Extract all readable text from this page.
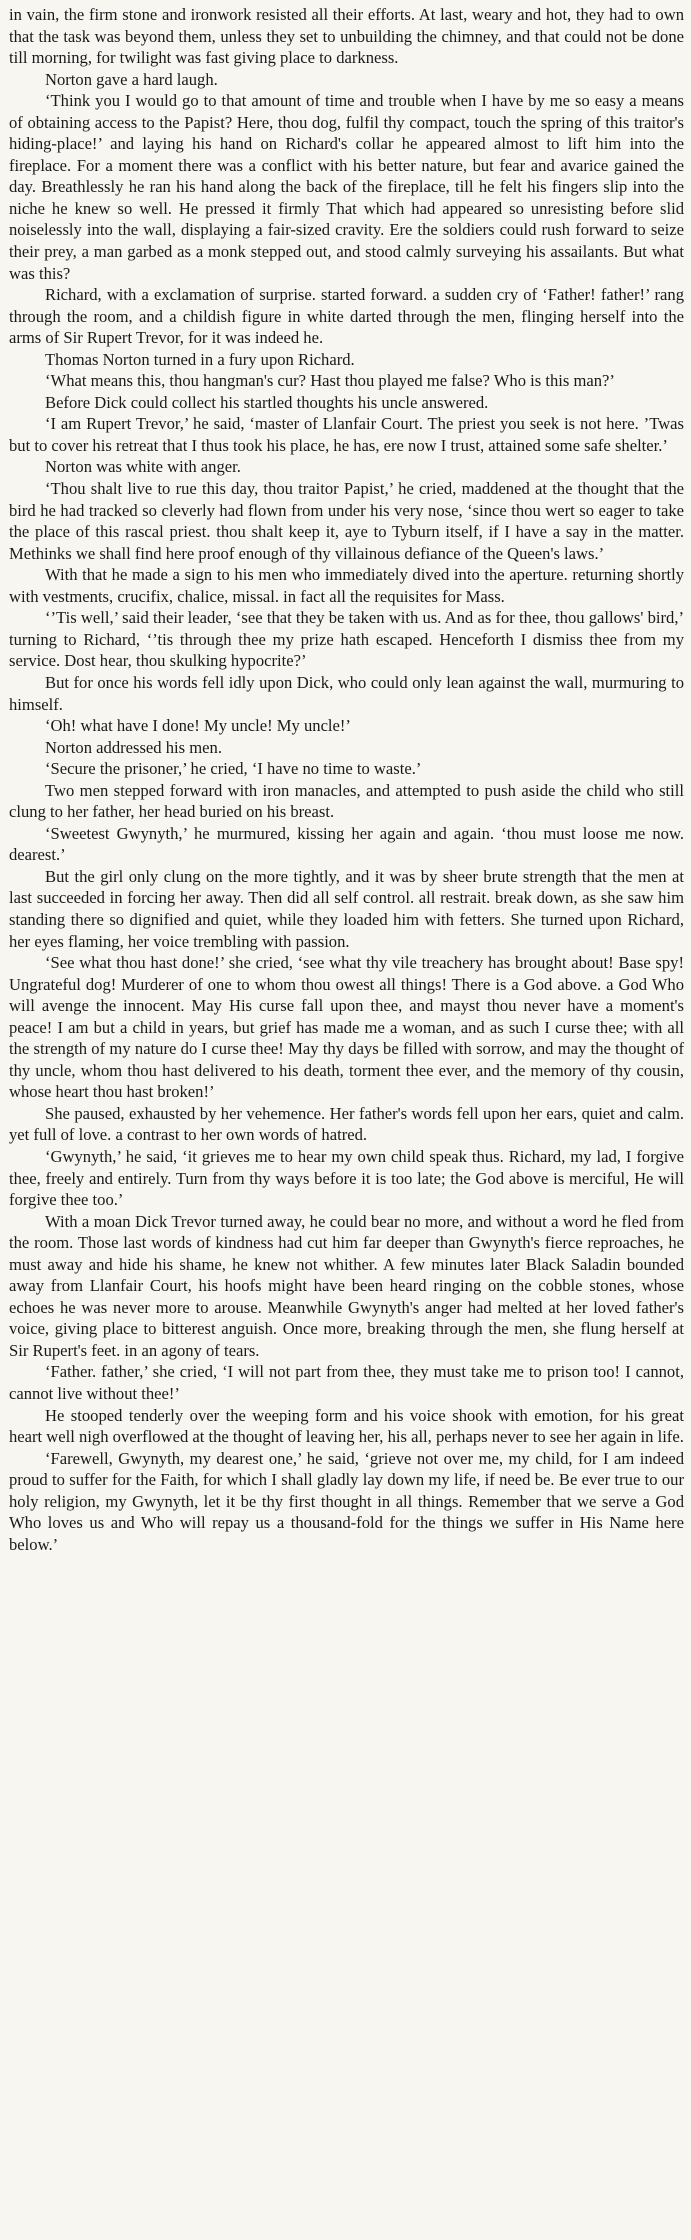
in vain, the firm stone and ironwork resisted all their efforts. At last, weary and hot, they had to own that the task was beyond them, unless they set to unbuilding the chimney, and that could not be done till morning, for twilight was fast giving place to darkness.

Norton gave a hard laugh.

‘Think you I would go to that amount of time and trouble when I have by me so easy a means of obtaining access to the Papist? Here, thou dog, fulfil thy compact, touch the spring of this traitor's hiding-place!’ and laying his hand on Richard's collar he appeared almost to lift him into the fireplace. For a moment there was a conflict with his better nature, but fear and avarice gained the day. Breathlessly he ran his hand along the back of the fireplace, till he felt his fingers slip into the niche he knew so well. He pressed it firmly That which had appeared so unresisting before slid noiselessly into the wall, displaying a fair-sized cravity. Ere the soldiers could rush forward to seize their prey, a man garbed as a monk stepped out, and stood calmly surveying his assailants. But what was this?

Richard, with a exclamation of surprise. started forward. a sudden cry of ‘Father! father!’ rang through the room, and a childish figure in white darted through the men, flinging herself into the arms of Sir Rupert Trevor, for it was indeed he.

Thomas Norton turned in a fury upon Richard.

‘What means this, thou hangman's cur? Hast thou played me false? Who is this man?’

Before Dick could collect his startled thoughts his uncle answered.

‘I am Rupert Trevor,’ he said, ‘master of Llanfair Court. The priest you seek is not here. ’Twas but to cover his retreat that I thus took his place, he has, ere now I trust, attained some safe shelter.’

Norton was white with anger.

‘Thou shalt live to rue this day, thou traitor Papist,’ he cried, maddened at the thought that the bird he had tracked so cleverly had flown from under his very nose, ‘since thou wert so eager to take the place of this rascal priest. thou shalt keep it, aye to Tyburn itself, if I have a say in the matter. Methinks we shall find here proof enough of thy villainous defiance of the Queen's laws.’

With that he made a sign to his men who immediately dived into the aperture. returning shortly with vestments, crucifix, chalice, missal. in fact all the requisites for Mass.

‘’Tis well,’ said their leader, ‘see that they be taken with us. And as for thee, thou gallows' bird,’ turning to Richard, ‘’tis through thee my prize hath escaped. Henceforth I dismiss thee from my service. Dost hear, thou skulking hypocrite?’

But for once his words fell idly upon Dick, who could only lean against the wall, murmuring to himself.

‘Oh! what have I done! My uncle! My uncle!’

Norton addressed his men.

‘Secure the prisoner,’ he cried, ‘I have no time to waste.’

Two men stepped forward with iron manacles, and attempted to push aside the child who still clung to her father, her head buried on his breast.

‘Sweetest Gwynyth,’ he murmured, kissing her again and again. ‘thou must loose me now. dearest.’

But the girl only clung on the more tightly, and it was by sheer brute strength that the men at last succeeded in forcing her away. Then did all self control. all restrait. break down, as she saw him standing there so dignified and quiet, while they loaded him with fetters. She turned upon Richard, her eyes flaming, her voice trembling with passion.

‘See what thou hast done!’ she cried, ‘see what thy vile treachery has brought about! Base spy! Ungrateful dog! Murderer of one to whom thou owest all things! There is a God above. a God Who will avenge the innocent. May His curse fall upon thee, and mayst thou never have a moment's peace! I am but a child in years, but grief has made me a woman, and as such I curse thee; with all the strength of my nature do I curse thee! May thy days be filled with sorrow, and may the thought of thy uncle, whom thou hast delivered to his death, torment thee ever, and the memory of thy cousin, whose heart thou hast broken!’

She paused, exhausted by her vehemence. Her father's words fell upon her ears, quiet and calm. yet full of love. a contrast to her own words of hatred.

‘Gwynyth,’ he said, ‘it grieves me to hear my own child speak thus. Richard, my lad, I forgive thee, freely and entirely. Turn from thy ways before it is too late; the God above is merciful, He will forgive thee too.’

With a moan Dick Trevor turned away, he could bear no more, and without a word he fled from the room. Those last words of kindness had cut him far deeper than Gwynyth's fierce reproaches, he must away and hide his shame, he knew not whither. A few minutes later Black Saladin bounded away from Llanfair Court, his hoofs might have been heard ringing on the cobble stones, whose echoes he was never more to arouse. Meanwhile Gwynyth's anger had melted at her loved father's voice, giving place to bitterest anguish. Once more, breaking through the men, she flung herself at Sir Rupert's feet. in an agony of tears.

‘Father. father,’ she cried, ‘I will not part from thee, they must take me to prison too! I cannot, cannot live without thee!’

He stooped tenderly over the weeping form and his voice shook with emotion, for his great heart well nigh overflowed at the thought of leaving her, his all, perhaps never to see her again in life.

‘Farewell, Gwynyth, my dearest one,’ he said, ‘grieve not over me, my child, for I am indeed proud to suffer for the Faith, for which I shall gladly lay down my life, if need be. Be ever true to our holy religion, my Gwynyth, let it be thy first thought in all things. Remember that we serve a God Who loves us and Who will repay us a thousand-fold for the things we suffer in His Name here below.’
